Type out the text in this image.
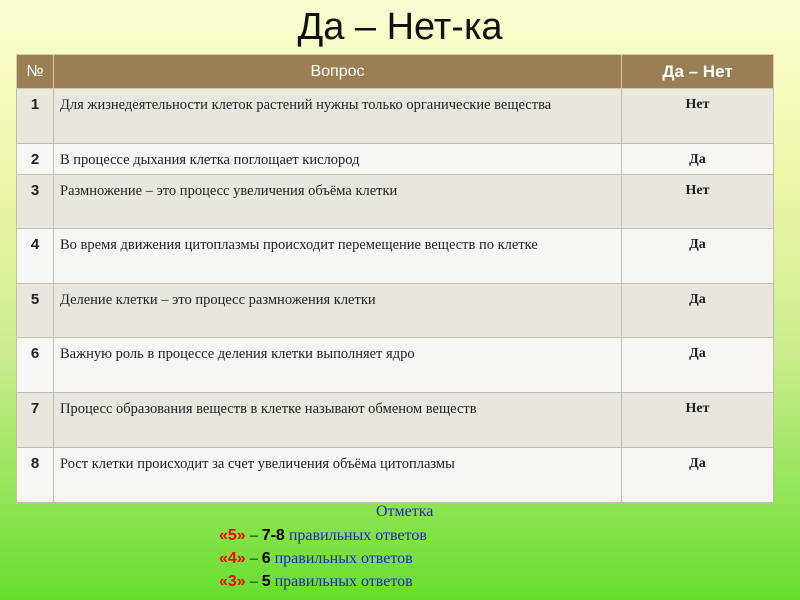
Да – Нет-ка
№	Вопрос	Да – Нет
1	Для жизнедеятельности клеток растений нужны только органические вещества	Нет
2	В процессе дыхания клетка поглощает кислород	Да
3	Размножение – это процесс увеличения объёма клетки	Нет
4	Во время движения цитоплазмы происходит перемещение веществ по клетке	Да
5	Деление клетки – это процесс размножения клетки	Да
6	Важную роль в процессе деления клетки выполняет ядро	Да
7	Процесс образования веществ в клетке называют обменом веществ	Нет
8	Рост клетки происходит за счет увеличения объёма цитоплазмы	Да
Отметка
«5» – 7-8 правильных ответов
«4» – 6 правильных ответов
«3» – 5 правильных ответов
